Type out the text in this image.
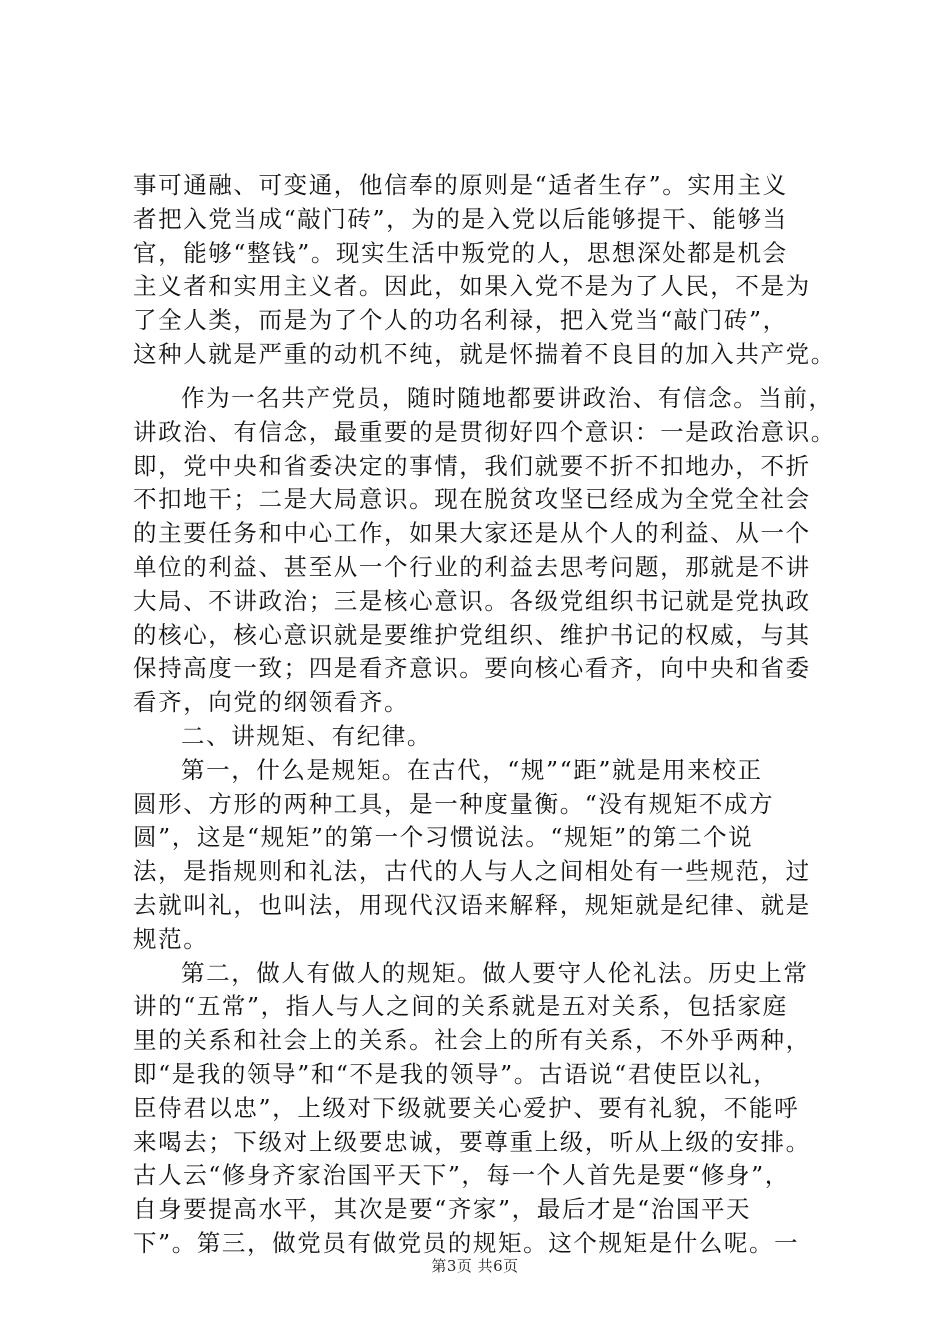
事可通融、可变通，他信奉的原则是“适者生存”。实用主义
者把入党当成“敲门砖”，为的是入党以后能够提干、能够当
官，能够“整钱”。现实生活中叛党的人，思想深处都是机会
主义者和实用主义者。因此，如果入党不是为了人民，不是为
了全人类，而是为了个人的功名利禄，把入党当“敲门砖”，
这种人就是严重的动机不纯，就是怀揣着不良目的加入共产党。
作为一名共产党员，随时随地都要讲政治、有信念。当前，
讲政治、有信念，最重要的是贯彻好四个意识：一是政治意识。
即，党中央和省委决定的事情，我们就要不折不扣地办，不折
不扣地干；二是大局意识。现在脱贫攻坚已经成为全党全社会
的主要任务和中心工作，如果大家还是从个人的利益、从一个
单位的利益、甚至从一个行业的利益去思考问题，那就是不讲
大局、不讲政治；三是核心意识。各级党组织书记就是党执政
的核心，核心意识就是要维护党组织、维护书记的权威，与其
保持高度一致；四是看齐意识。要向核心看齐，向中央和省委
看齐，向党的纲领看齐。
二、讲规矩、有纪律。
第一，什么是规矩。在古代，“规”“距”就是用来校正
圆形、方形的两种工具，是一种度量衡。“没有规矩不成方
圆”，这是“规矩”的第一个习惯说法。“规矩”的第二个说
法，是指规则和礼法，古代的人与人之间相处有一些规范，过
去就叫礼，也叫法，用现代汉语来解释，规矩就是纪律、就是
规范。
第二，做人有做人的规矩。做人要守人伦礼法。历史上常
讲的“五常”，指人与人之间的关系就是五对关系，包括家庭
里的关系和社会上的关系。社会上的所有关系，不外乎两种，
即“是我的领导”和“不是我的领导”。古语说“君使臣以礼，
臣侍君以忠”，上级对下级就要关心爱护、要有礼貌，不能呼
来喝去；下级对上级要忠诚，要尊重上级，听从上级的安排。
古人云“修身齐家治国平天下”，每一个人首先是要“修身”，
自身要提高水平，其次是要“齐家”，最后才是“治国平天
下”。第三，做党员有做党员的规矩。这个规矩是什么呢。一
第3页 共6页
